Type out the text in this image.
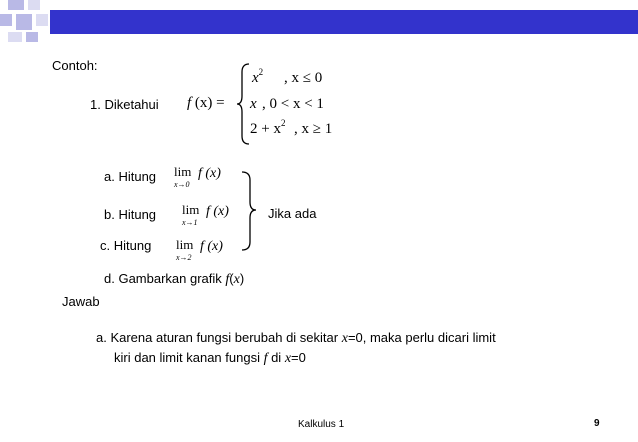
Contoh:
1. Diketahui f (x) =
$x^2$ , x ≤ 0
x , 0 < x < 1
$2 + x^2$ , x ≥ 1
a. Hitung lim
x→0
f (x)
b. Hitung lim
x→1
f (x)
c. Hitung lim
x→2
f (x)
Jika ada
d. Gambarkan grafik f(x)
Jawab
a. Karena aturan fungsi berubah di sekitar x=0, maka perlu dicari limit
kiri dan limit kanan fungsi f di x=0
Kalkulus 1	9
